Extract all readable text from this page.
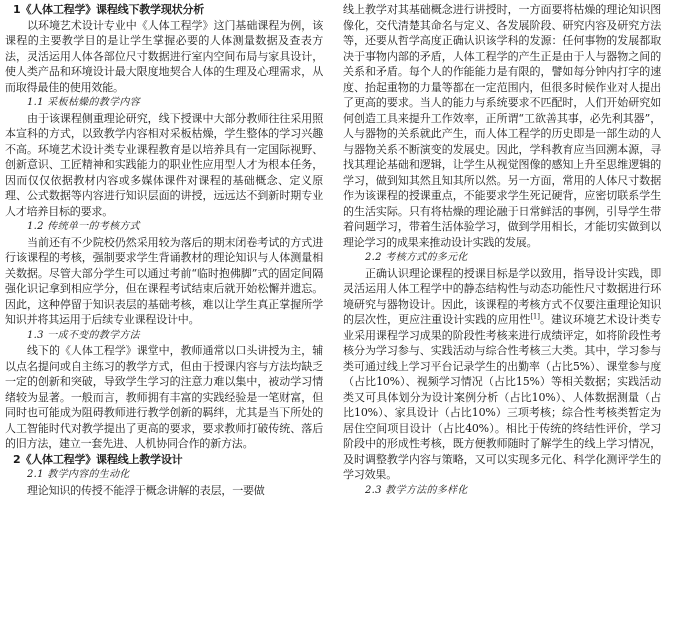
1《人体工程学》课程线下教学现状分析

以环境艺术设计专业中《人体工程学》这门基础课程为例，该课程的主要教学目的是让学生掌握必要的人体测量数据及查表方法，灵活运用人体各部位尺寸数据进行室内空间布局与家具设计，使人类产品和环境设计最大限度地契合人体的生理及心理需求，从而取得最佳的使用效能。

1.1 采板枯燥的教学内容

由于该课程侧重理论研究，线下授课中大部分教师往往采用照本宣科的方式，以致教学内容相对采板枯燥，学生整体的学习兴趣不高。环境艺术设计类专业课程教育是以培养具有一定国际视野、创新意识、工匠精神和实践能力的职业性应用型人才为根本任务，因而仅仅依据教材内容或多媒体课件对课程的基础概念、定义原理、公式数据等内容进行知识层面的讲授，远远达不到新时期专业人才培养目标的要求。

1.2 传统单一的考核方式

当前还有不少院校仍然采用较为落后的期末闭卷考试的方式进行该课程的考核，强制要求学生背诵教材的理论知识与人体测量相关数据。尽管大部分学生可以通过考前“临时抱佛脚”式的固定间隔强化识记拿到相应学分，但在课程考试结束后就开始松懈并遗忘。因此，这种停留于知识表层的基础考核，难以让学生真正掌握所学知识并将其运用于后续专业课程设计中。

1.3 一成不变的教学方法

线下的《人体工程学》课堂中，教师通常以口头讲授为主，辅以点名提问或自主练习的教学方式，但由于授课内容与方法均缺乏一定的创新和突破，导致学生学习的注意力难以集中，被动学习情绪较为显著。一般而言，教师拥有丰富的实践经验是一笔财富，但同时也可能成为阻碍教师进行教学创新的羁绊，尤其是当下所处的人工智能时代对教学提出了更高的要求，要求教师打破传统、落后的旧方法，建立一套先进、人机协同合作的新方法。

2《人体工程学》课程线上教学设计
2.1 教学内容的生动化

理论知识的传授不能浮于概念讲解的表层，一要做

线上教学对其基础概念进行讲授时，一方面要将枯燥的理论知识图像化，交代清楚其命名与定义、各发展阶段、研究内容及研究方法等，还要从哲学高度正确认识该学科的发源：任何事物的发展都取决于事物内部的矛盾，人体工程学的产生正是由于人与器物之间的关系和矛盾。每个人的作能能力是有限的，譬如每分钟内打字的速度、抬起重物的力量等都在一定范围内，但很多时候作业对人提出了更高的要求。当人的能力与系统要求不匹配时，人们开始研究如何创造工具来提升工作效率，正所谓“工欲善其事，必先利其器”，人与器物的关系就此产生，而人体工程学的历史即是一部生动的人与器物关系不断演变的发展史。因此，学科教育应当回溯本源，寻找其理论基础和逻辑，让学生从视觉图像的感知上升至思维逻辑的学习，做到知其然且知其所以然。另一方面，常用的人体尺寸数据作为该课程的授课重点，不能要求学生死记硬背，应密切联系学生的生活实际。只有将枯燥的理论融于日常鲜活的事例，引导学生带着问题学习，带着生活体验学习，做到学用相长，才能切实做到以理论学习的成果来推动设计实践的发展。

2.2 考核方式的多元化

正确认识理论课程的授课目标是学以致用，指导设计实践，即灵活运用人体工程学中的静态结构性与动态功能性尺寸数据进行环境研究与器物设计。因此，该课程的考核方式不仅要注重理论知识的层次性，更应注重设计实践的应用性[1]。建议环境艺术设计类专业采用课程学习成果的阶段性考核来进行成绩评定，如将阶段性考核分为学习参与、实践活动与综合性考核三大类。其中，学习参与类可通过线上学习平台记录学生的出勤率（占比5%）、课堂参与度（占比10%）、视频学习情况（占比15%）等相关数据；实践活动类又可具体划分为设计案例分析（占比10%）、人体数据测量（占比10%）、家具设计（占比10%）三项考核；综合性考核类暂定为居住空间项目设计（占比40%）。相比于传统的终结性评价，学习阶段中的形成性考核，既方便教师随时了解学生的线上学习情况，及时调整教学内容与策略，又可以实现多元化、科学化测评学生的学习效果。

2.3 教学方法的多样化
